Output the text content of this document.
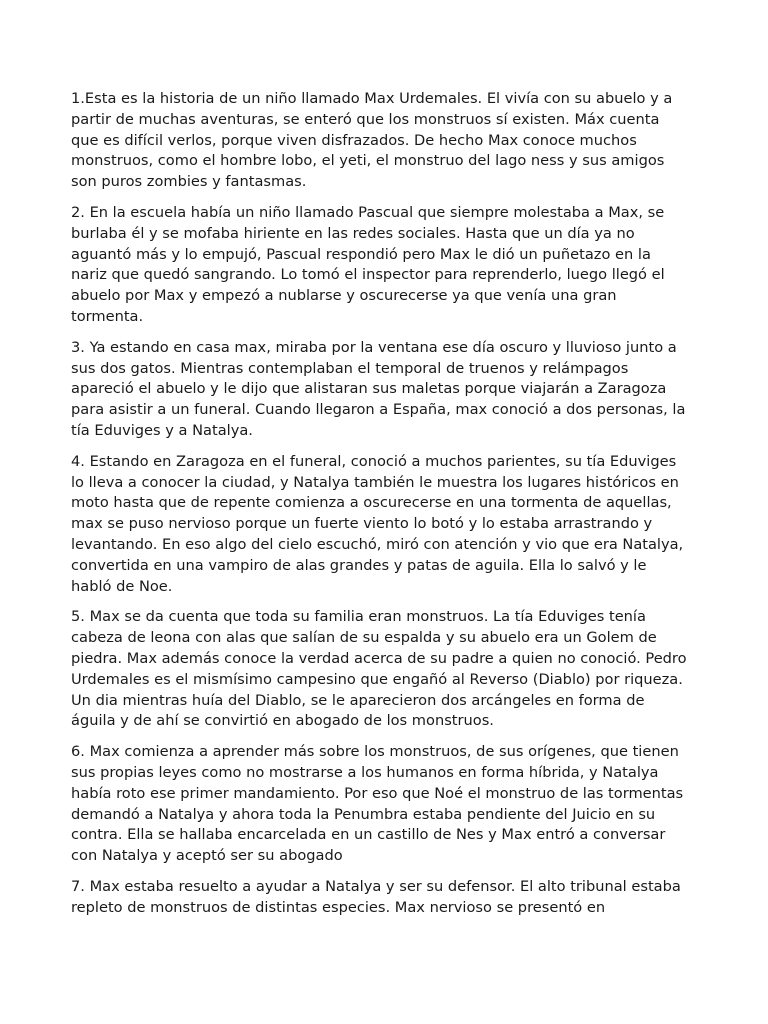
1.Esta es la historia de un niño llamado Max Urdemales. El vivía con su abuelo y a partir de muchas aventuras, se enteró que los monstruos sí existen. Máx cuenta que es difícil verlos, porque viven disfrazados. De hecho Max conoce muchos monstruos, como el hombre lobo, el yeti, el monstruo del lago ness y sus amigos son puros zombies y fantasmas.

2. En la escuela había un niño llamado Pascual que siempre molestaba a Max, se burlaba él y se mofaba hiriente en las redes sociales. Hasta que un día ya no aguantó más y lo empujó, Pascual respondió pero Max le dió un puñetazo en la nariz que quedó sangrando. Lo tomó el inspector para reprenderlo, luego llegó el abuelo por Max y empezó a nublarse y oscurecerse ya que venía una gran tormenta.

3. Ya estando en casa max, miraba por la ventana ese día oscuro y lluvioso junto a sus dos gatos. Mientras contemplaban el temporal de truenos y relámpagos apareció el abuelo y le dijo que alistaran sus maletas porque viajarán a Zaragoza para asistir a un funeral. Cuando llegaron a España, max conoció a dos personas, la tía Eduviges y a Natalya.

4. Estando en Zaragoza en el funeral, conoció a muchos parientes, su tía Eduviges lo lleva a conocer la ciudad, y Natalya también le muestra los lugares históricos en moto hasta que de repente comienza a oscurecerse en una tormenta de aquellas, max se puso nervioso porque un fuerte viento lo botó y lo estaba arrastrando y levantando. En eso algo del cielo escuchó, miró con atención y vio que era Natalya, convertida en una vampiro de alas grandes y patas de aguila. Ella lo salvó y le habló de Noe.

5. Max se da cuenta que toda su familia eran monstruos. La tía Eduviges tenía cabeza de leona con alas que salían de su espalda y su abuelo era un Golem de piedra. Max además conoce la verdad acerca de su padre a quien no conoció. Pedro Urdemales es el mismísimo campesino que engañó al Reverso (Diablo) por riqueza. Un dia mientras huía del Diablo, se le aparecieron dos arcángeles en forma de águila y de ahí se convirtió en abogado de los monstruos.

6. Max comienza a aprender más sobre los monstruos, de sus orígenes, que tienen sus propias leyes como no mostrarse a los humanos en forma híbrida, y Natalya había roto ese primer mandamiento. Por eso que Noé el monstruo de las tormentas demandó a Natalya y ahora toda la Penumbra estaba pendiente del Juicio en su contra. Ella se hallaba encarcelada en un castillo de Nes y Max entró a conversar con Natalya y aceptó ser su abogado

7. Max estaba resuelto a ayudar a Natalya y ser su defensor. El alto tribunal estaba repleto de monstruos de distintas especies. Max nervioso se presentó en
